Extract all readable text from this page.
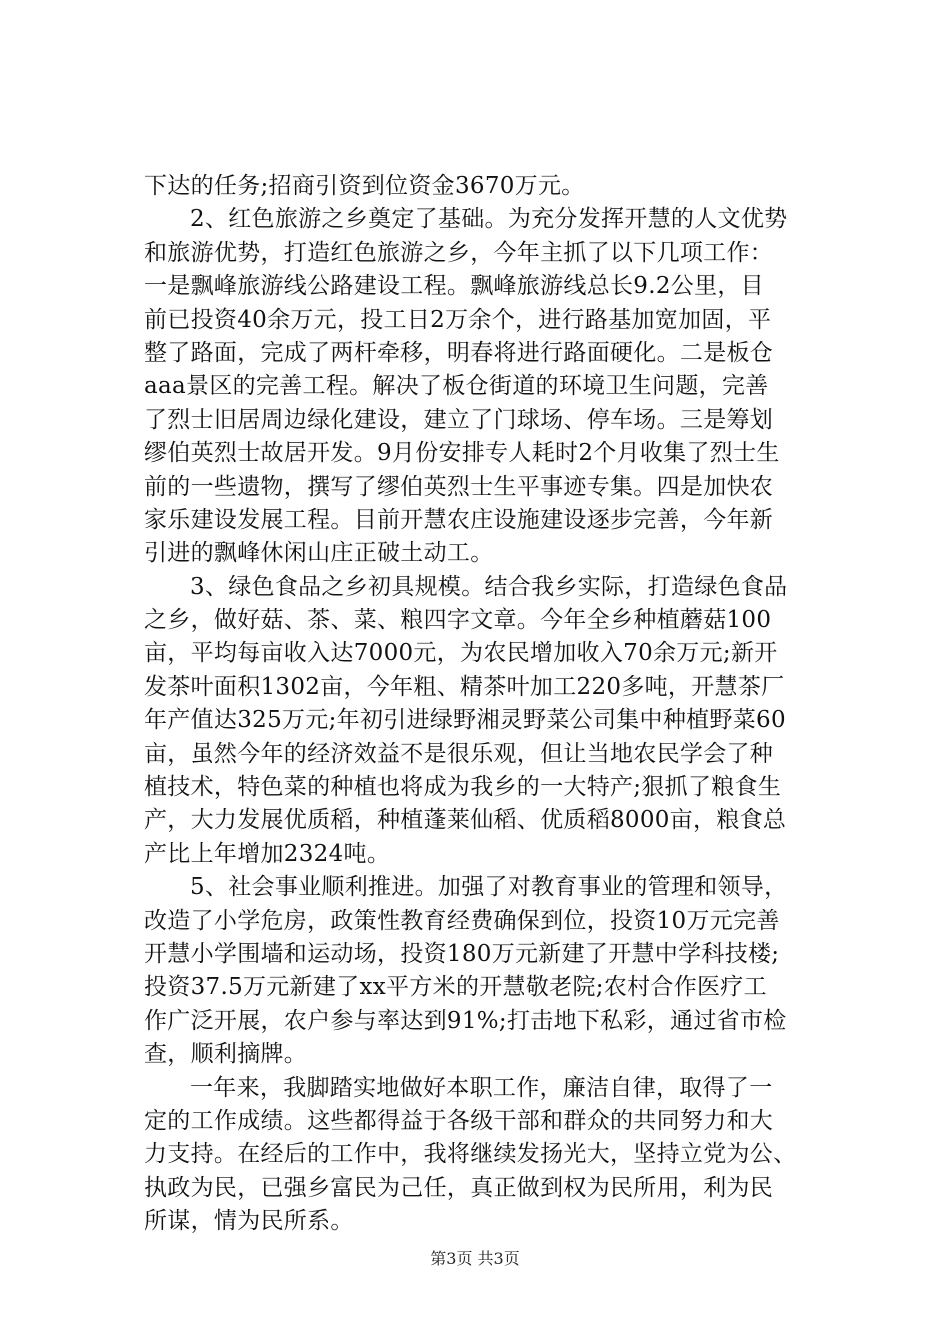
下达的任务;招商引资到位资金3670万元。
2、红色旅游之乡奠定了基础。为充分发挥开慧的人文优势
和旅游优势，打造红色旅游之乡，今年主抓了以下几项工作：
一是飘峰旅游线公路建设工程。飘峰旅游线总长9.2公里，目
前已投资40余万元，投工日2万余个，进行路基加宽加固，平
整了路面，完成了两杆牵移，明春将进行路面硬化。二是板仓
aaa景区的完善工程。解决了板仓街道的环境卫生问题，完善
了烈士旧居周边绿化建设，建立了门球场、停车场。三是筹划
缪伯英烈士故居开发。9月份安排专人耗时2个月收集了烈士生
前的一些遗物，撰写了缪伯英烈士生平事迹专集。四是加快农
家乐建设发展工程。目前开慧农庄设施建设逐步完善，今年新
引进的飘峰休闲山庄正破土动工。
3、绿色食品之乡初具规模。结合我乡实际，打造绿色食品
之乡，做好菇、茶、菜、粮四字文章。今年全乡种植蘑菇100
亩，平均每亩收入达7000元，为农民增加收入70余万元;新开
发茶叶面积1302亩，今年粗、精茶叶加工220多吨，开慧茶厂
年产值达325万元;年初引进绿野湘灵野菜公司集中种植野菜60
亩，虽然今年的经济效益不是很乐观，但让当地农民学会了种
植技术，特色菜的种植也将成为我乡的一大特产;狠抓了粮食生
产，大力发展优质稻，种植蓬莱仙稻、优质稻8000亩，粮食总
产比上年增加2324吨。
5、社会事业顺利推进。加强了对教育事业的管理和领导，
改造了小学危房，政策性教育经费确保到位，投资10万元完善
开慧小学围墙和运动场，投资180万元新建了开慧中学科技楼;
投资37.5万元新建了xx平方米的开慧敬老院;农村合作医疗工
作广泛开展，农户参与率达到91%;打击地下私彩，通过省市检
查，顺利摘牌。
一年来，我脚踏实地做好本职工作，廉洁自律，取得了一
定的工作成绩。这些都得益于各级干部和群众的共同努力和大
力支持。在经后的工作中，我将继续发扬光大，坚持立党为公、
执政为民，已强乡富民为己任，真正做到权为民所用，利为民
所谋，情为民所系。
第3页 共3页
